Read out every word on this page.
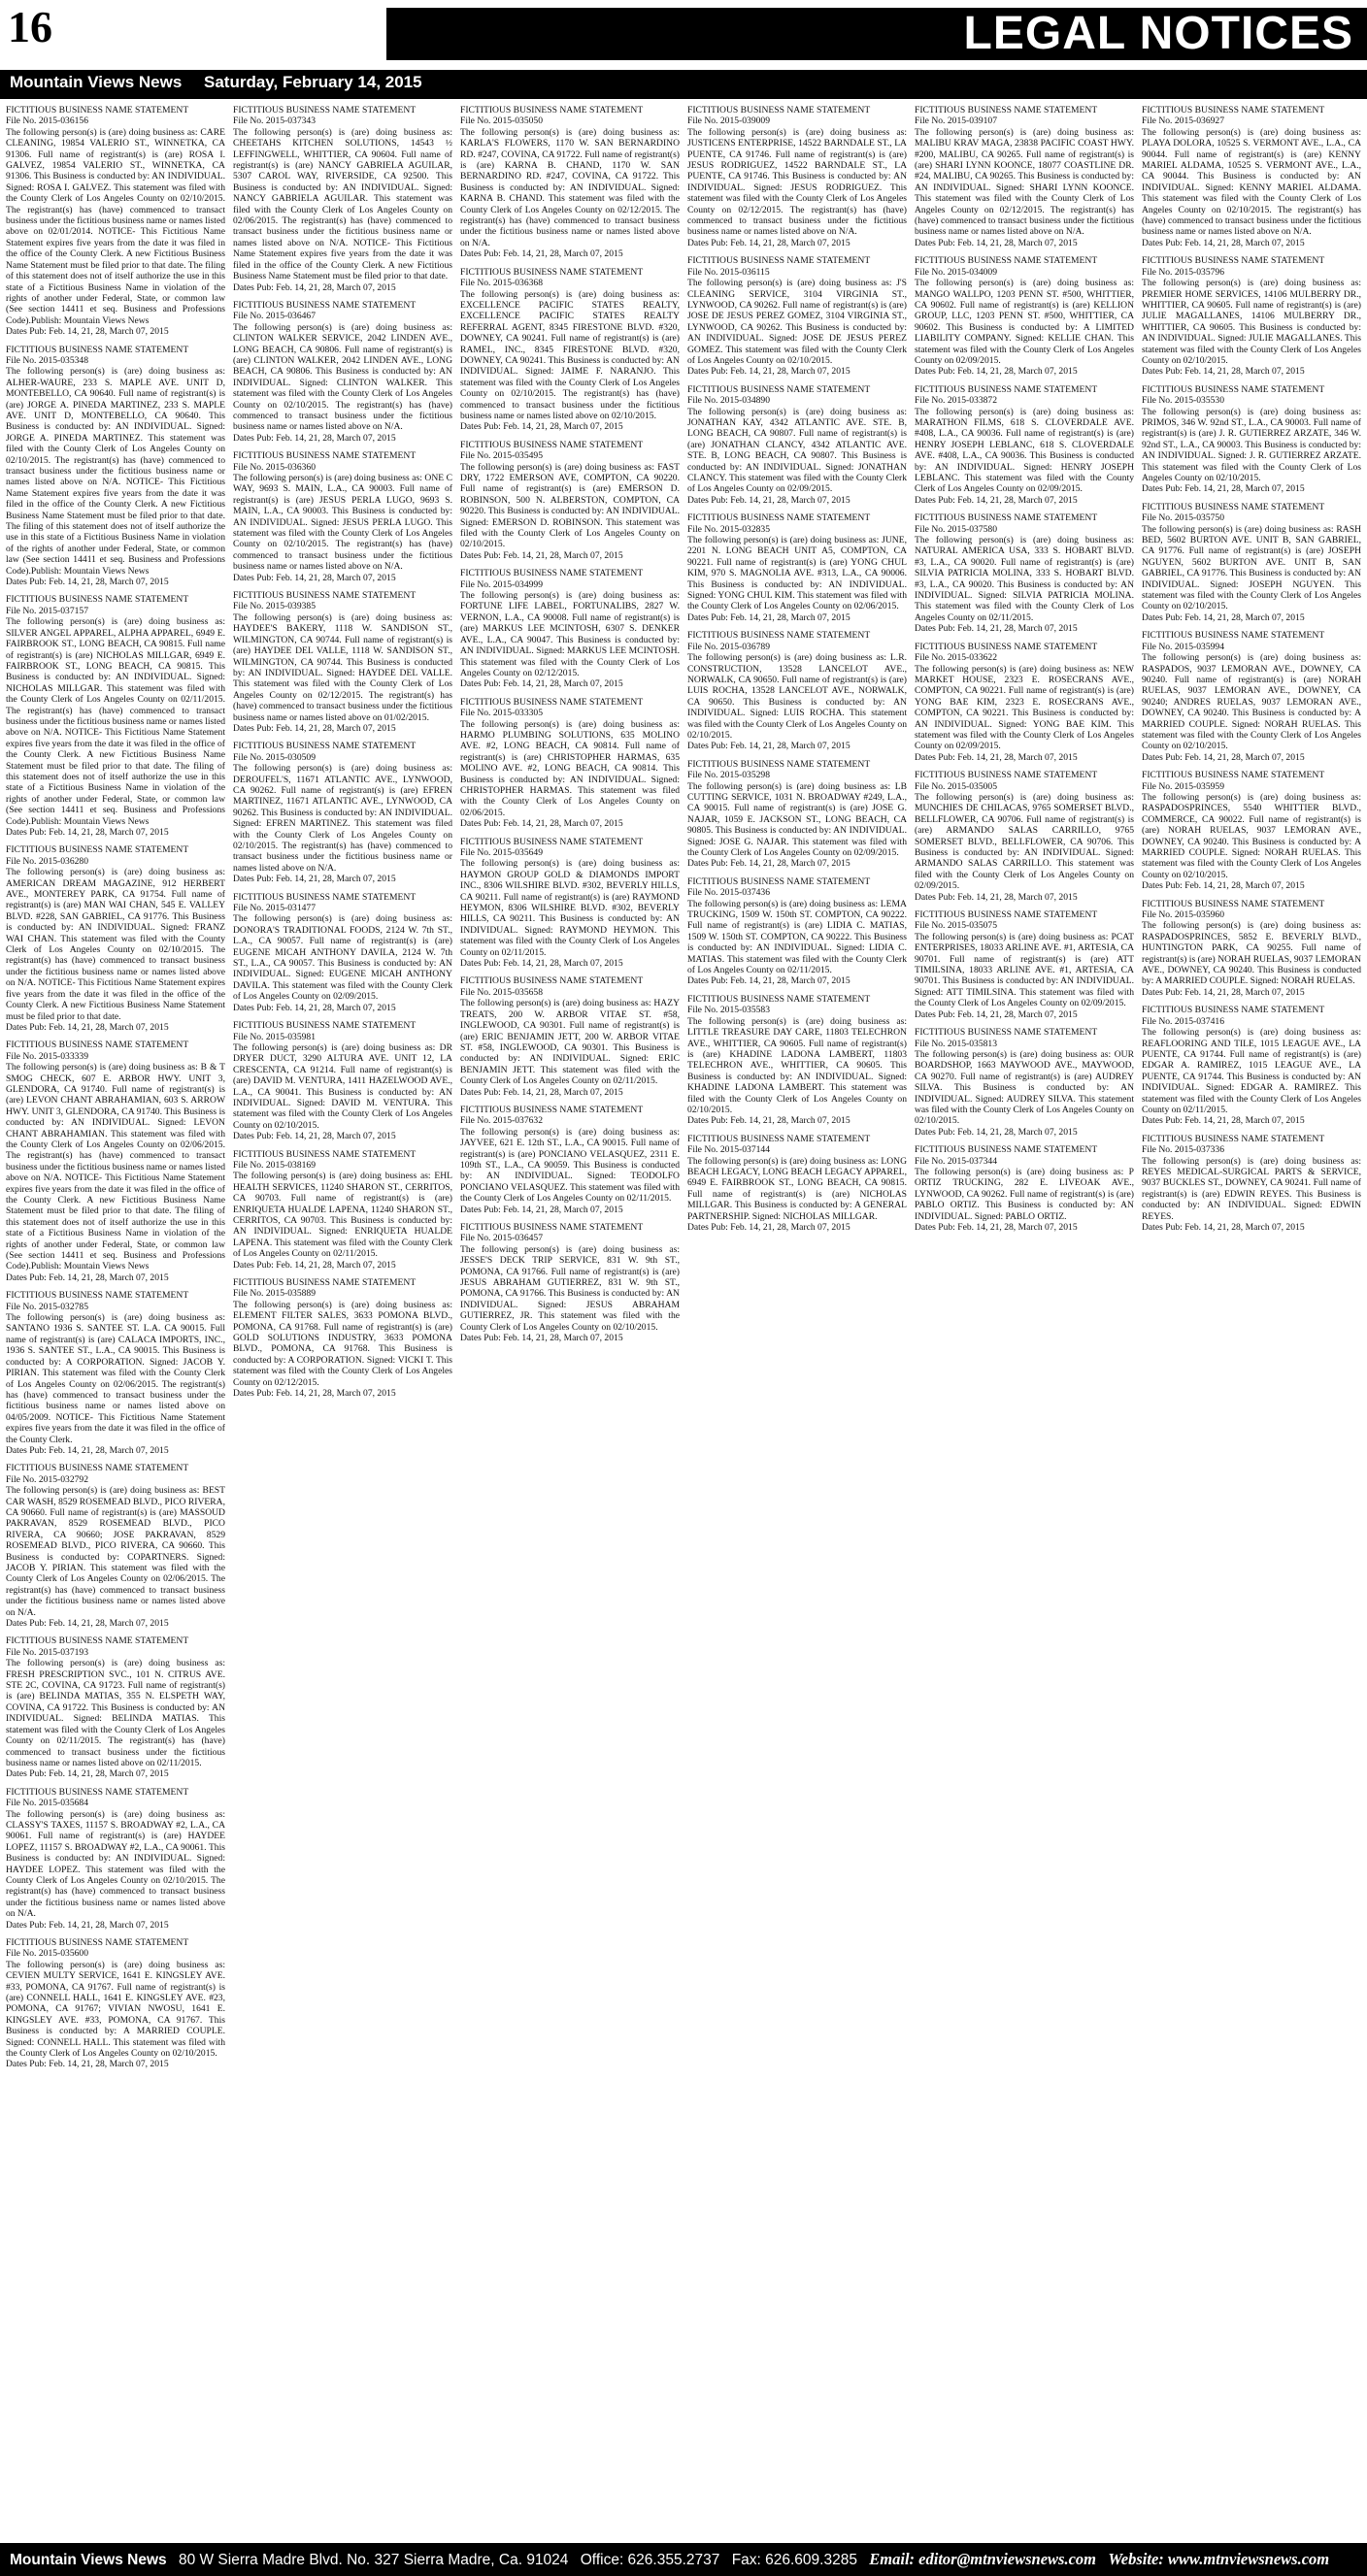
16	LEGAL NOTICES
Mountain Views News Saturday, February 14, 2015
FICTITIOUS BUSINESS NAME STATEMENT
File No. 2015-036156
The following person(s) is (are) doing business as: CARE CLEANING, 19854 VALERIO ST., WINNETKA, CA 91306. Full name of registrant(s) is (are) ROSA I. GALVEZ, 19854 VALERIO ST., WINNETKA, CA 91306. This Business is conducted by: AN INDIVIDUAL. Signed: ROSA I. GALVEZ. This statement was filed with the County Clerk of Los Angeles County on 02/10/2015. The registrant(s) has (have) commenced to transact business under the fictitious business name or names listed above on 02/01/2014. NOTICE- This Fictitious Name Statement expires five years from the date it was filed in the office of the County Clerk. A new Fictitious Business Name Statement must be filed prior to that date. The filing of this statement does not of itself authorize the use in this state of a Fictitious Business Name in violation of the rights of another under Federal, State, or common law (See section 14411 et seq. Business and Professions Code).Publish: Mountain Views News
Dates Pub: Feb. 14, 21, 28, March 07, 2015
FICTITIOUS BUSINESS NAME STATEMENT
File No. 2015-035348
The following person(s) is (are) doing business as: ALHER-WAURE, 233 S. MAPLE AVE. UNIT D, MONTEBELLO, CA 90640. Full name of registrant(s) is (are) JORGE A. PINEDA MARTINEZ, 233 S. MAPLE AVE. UNIT D, MONTEBELLO, CA 90640. This Business is conducted by: AN INDIVIDUAL. Signed: JORGE A. PINEDA MARTINEZ. This statement was filed with the County Clerk of Los Angeles County on 02/10/2015. The registrant(s) has (have) commenced to transact business under the fictitious business name or names listed above on N/A. NOTICE- This Fictitious Name Statement expires five years from the date it was filed in the office of the County Clerk. A new Fictitious Business Name Statement must be filed prior to that date. The filing of this statement does not of itself authorize the use in this state of a Fictitious Business Name in violation of the rights of another under Federal, State, or common law (See section 14411 et seq. Business and Professions Code).Publish: Mountain Views News
Dates Pub: Feb. 14, 21, 28, March 07, 2015
FICTITIOUS BUSINESS NAME STATEMENT
File No. 2015-037157
The following person(s) is (are) doing business as: SILVER ANGEL APPAREL, ALPHA APPAREL, 6949 E. FAIRBROOK ST., LONG BEACH, CA 90815. Full name of registrant(s) is (are) NICHOLAS MILLGAR, 6949 E. FAIRBROOK ST., LONG BEACH, CA 90815. This Business is conducted by: AN INDIVIDUAL. Signed: NICHOLAS MILLGAR. This statement was filed with the County Clerk of Los Angeles County on 02/11/2015. The registrant(s) has (have) commenced to transact business under the fictitious business name or names listed above on N/A. NOTICE- This Fictitious Name Statement expires five years from the date it was filed in the office of the County Clerk. A new Fictitious Business Name Statement must be filed prior to that date. The filing of this statement does not of itself authorize the use in this state of a Fictitious Business Name in violation of the rights of another under Federal, State, or common law (See section 14411 et seq. Business and Professions Code).Publish: Mountain Views News
Dates Pub: Feb. 14, 21, 28, March 07, 2015
FICTITIOUS BUSINESS NAME STATEMENT
File No. 2015-036280
The following person(s) is (are) doing business as: AMERICAN DREAM MAGAZINE, 912 HERBERT AVE., MONTEREY PARK, CA 91754. Full name of registrant(s) is (are) MAN WAI CHAN, 545 E. VALLEY BLVD. #228, SAN GABRIEL, CA 91776. This Business is conducted by: AN INDIVIDUAL. Signed: FRANZ WAI CHAN. This statement was filed with the County Clerk of Los Angeles County on 02/10/2015. The registrant(s) has (have) commenced to transact business under the fictitious business name or names listed above on N/A. NOTICE- This Fictitious Name Statement expires five years from the date it was filed in the office of the County Clerk. A new Fictitious Business Name Statement must be filed prior to that date.
Dates Pub: Feb. 14, 21, 28, March 07, 2015
FICTITIOUS BUSINESS NAME STATEMENT
File No. 2015-033339
The following person(s) is (are) doing business as: B & T SMOG CHECK, 607 E. ARBOR HWY. UNIT 3, GLENDORA, CA 91740. Full name of registrant(s) is (are) LEVON CHANT ABRAHAMIAN, 603 S. ARROW HWY. UNIT 3, GLENDORA, CA 91740. This Business is conducted by: AN INDIVIDUAL. Signed: LEVON CHANT ABRAHAMIAN. This statement was filed with the County Clerk of Los Angeles County on 02/06/2015. The registrant(s) has (have) commenced to transact business under the fictitious business name or names listed above on N/A. NOTICE- This Fictitious Name Statement expires five years from the date it was filed in the office of the County Clerk. A new Fictitious Business Name Statement must be filed prior to that date. The filing of this statement does not of itself authorize the use in this state of a Fictitious Business Name in violation of the rights of another under Federal, State, or common law (See section 14411 et seq. Business and Professions Code).Publish: Mountain Views News
Dates Pub: Feb. 14, 21, 28, March 07, 2015
FICTITIOUS BUSINESS NAME STATEMENT
File No. 2015-032785
The following person(s) is (are) doing business as: SANTANO 1936 S. SANTEE ST. L.A. CA 90015. Full name of registrant(s) is (are) CALACA IMPORTS, INC., 1936 S. SANTEE ST., L.A., CA 90015. This Business is conducted by: A CORPORATION. Signed: JACOB Y. PIRIAN. This statement was filed with the County Clerk of Los Angeles County on 02/06/2015. The registrant(s) has (have) commenced to transact business under the fictitious business name or names listed above on 04/05/2009. NOTICE- This Fictitious Name Statement expires five years from the date it was filed in the office of the County Clerk.
Dates Pub: Feb. 14, 21, 28, March 07, 2015
FICTITIOUS BUSINESS NAME STATEMENT
File No. 2015-032792
The following person(s) is (are) doing business as: BEST CAR WASH, 8529 ROSEMEAD BLVD., PICO RIVERA, CA 90660. Full name of registrant(s) is (are) MASSOUD PAKRAVAN, 8529 ROSEMEAD BLVD., PICO RIVERA, CA 90660; JOSE PAKRAVAN, 8529 ROSEMEAD BLVD., PICO RIVERA, CA 90660. This Business is conducted by: COPARTNERS. Signed: JACOB Y. PIRIAN. This statement was filed with the County Clerk of Los Angeles County on 02/06/2015. The registrant(s) has (have) commenced to transact business under the fictitious business name or names listed above on N/A.
Dates Pub: Feb. 14, 21, 28, March 07, 2015
FICTITIOUS BUSINESS NAME STATEMENT
File No. 2015-037193
The following person(s) is (are) doing business as: FRESH PRESCRIPTION SVC., 101 N. CITRUS AVE. STE 2C, COVINA, CA 91723. Full name of registrant(s) is (are) BELINDA MATIAS, 355 N. ELSPETH WAY, COVINA, CA 91722. This Business is conducted by: AN INDIVIDUAL. Signed: BELINDA MATIAS. This statement was filed with the County Clerk of Los Angeles County on 02/11/2015. The registrant(s) has (have) commenced to transact business under the fictitious business name or names listed above on 02/11/2015.
Dates Pub: Feb. 14, 21, 28, March 07, 2015
FICTITIOUS BUSINESS NAME STATEMENT
File No. 2015-035684
The following person(s) is (are) doing business as: CLASSY'S TAXES, 11157 S. BROADWAY #2, L.A., CA 90061. Full name of registrant(s) is (are) HAYDEE LOPEZ, 11157 S. BROADWAY #2, L.A., CA 90061. This Business is conducted by: AN INDIVIDUAL. Signed: HAYDEE LOPEZ. This statement was filed with the County Clerk of Los Angeles County on 02/10/2015. The registrant(s) has (have) commenced to transact business under the fictitious business name or names listed above on N/A.
Dates Pub: Feb. 14, 21, 28, March 07, 2015
FICTITIOUS BUSINESS NAME STATEMENT
File No. 2015-035600
The following person(s) is (are) doing business as: CEVIEN MULTY SERVICE, 1641 E. KINGSLEY AVE. #33, POMONA, CA 91767. Full name of registrant(s) is (are) CONNELL HALL, 1641 E. KINGSLEY AVE. #23, POMONA, CA 91767; VIVIAN NWOSU, 1641 E. KINGSLEY AVE. #33, POMONA, CA 91767. This Business is conducted by: A MARRIED COUPLE. Signed: CONNELL HALL. This statement was filed with the County Clerk of Los Angeles County on 02/10/2015.
Dates Pub: Feb. 14, 21, 28, March 07, 2015
FICTITIOUS BUSINESS NAME STATEMENT
File No. 2015-037343
The following person(s) is (are) doing business as: CHEETAHS KITCHEN SOLUTIONS, 14543 ½ LEFFINGWELL, WHITTIER, CA 90604. Full name of registrant(s) is (are) NANCY GABRIELA AGUILAR, 5307 CAROL WAY, RIVERSIDE, CA 92500. This Business is conducted by: AN INDIVIDUAL. Signed: NANCY GABRIELA AGUILAR. This statement was filed with the County Clerk of Los Angeles County on 02/06/2015. The registrant(s) has (have) commenced to transact business under the fictitious business name or names listed above on N/A. NOTICE- This Fictitious Name Statement expires five years from the date it was filed in the office of the County Clerk. A new Fictitious Business Name Statement must be filed prior to that date.
Dates Pub: Feb. 14, 21, 28, March 07, 2015
FICTITIOUS BUSINESS NAME STATEMENT
File No. 2015-036467
The following person(s) is (are) doing business as: CLINTON WALKER SERVICE, 2042 LINDEN AVE., LONG BEACH, CA 90806. Full name of registrant(s) is (are) CLINTON WALKER, 2042 LINDEN AVE., LONG BEACH, CA 90806. This Business is conducted by: AN INDIVIDUAL. Signed: CLINTON WALKER. This statement was filed with the County Clerk of Los Angeles County on 02/10/2015. The registrant(s) has (have) commenced to transact business under the fictitious business name or names listed above on N/A.
Dates Pub: Feb. 14, 21, 28, March 07, 2015
FICTITIOUS BUSINESS NAME STATEMENT
File No. 2015-036360
The following person(s) is (are) doing business as: ONE C WAY, 9693 S. MAIN, L.A., CA 90003. Full name of registrant(s) is (are) JESUS PERLA LUGO, 9693 S. MAIN, L.A., CA 90003. This Business is conducted by: AN INDIVIDUAL. Signed: JESUS PERLA LUGO. This statement was filed with the County Clerk of Los Angeles County on 02/10/2015. The registrant(s) has (have) commenced to transact business under the fictitious business name or names listed above on N/A.
Dates Pub: Feb. 14, 21, 28, March 07, 2015
FICTITIOUS BUSINESS NAME STATEMENT
File No. 2015-039385
The following person(s) is (are) doing business as: HAYDEE'S BAKERY, 1118 W. SANDISON ST., WILMINGTON, CA 90744. Full name of registrant(s) is (are) HAYDEE DEL VALLE, 1118 W. SANDISON ST., WILMINGTON, CA 90744. This Business is conducted by: AN INDIVIDUAL. Signed: HAYDEE DEL VALLE. This statement was filed with the County Clerk of Los Angeles County on 02/12/2015. The registrant(s) has (have) commenced to transact business under the fictitious business name or names listed above on 01/02/2015.
Dates Pub: Feb. 14, 21, 28, March 07, 2015
FICTITIOUS BUSINESS NAME STATEMENT
File No. 2015-030509
The following person(s) is (are) doing business as: DEROUFEL'S, 11671 ATLANTIC AVE., LYNWOOD, CA 90262. Full name of registrant(s) is (are) EFREN MARTINEZ, 11671 ATLANTIC AVE., LYNWOOD, CA 90262. This Business is conducted by: AN INDIVIDUAL. Signed: EFREN MARTINEZ. This statement was filed with the County Clerk of Los Angeles County on 02/10/2015. The registrant(s) has (have) commenced to transact business under the fictitious business name or names listed above on N/A.
Dates Pub: Feb. 14, 21, 28, March 07, 2015
FICTITIOUS BUSINESS NAME STATEMENT
File No. 2015-031477
The following person(s) is (are) doing business as: DONORA'S TRADITIONAL FOODS, 2124 W. 7th ST., L.A., CA 90057. Full name of registrant(s) is (are) EUGENE MICAH ANTHONY DAVILA, 2124 W. 7th ST., L.A., CA 90057. This Business is conducted by: AN INDIVIDUAL. Signed: EUGENE MICAH ANTHONY DAVILA. This statement was filed with the County Clerk of Los Angeles County on 02/09/2015.
Dates Pub: Feb. 14, 21, 28, March 07, 2015
FICTITIOUS BUSINESS NAME STATEMENT
File No. 2015-035981
The following person(s) is (are) doing business as: DR DRYER DUCT, 3290 ALTURA AVE. UNIT 12, LA CRESCENTA, CA 91214. Full name of registrant(s) is (are) DAVID M. VENTURA, 1411 HAZELWOOD AVE., L.A., CA 90041. This Business is conducted by: AN INDIVIDUAL. Signed: DAVID M. VENTURA. This statement was filed with the County Clerk of Los Angeles County on 02/10/2015.
Dates Pub: Feb. 14, 21, 28, March 07, 2015
FICTITIOUS BUSINESS NAME STATEMENT
File No. 2015-038169
The following person(s) is (are) doing business as: EHL HEALTH SERVICES, 11240 SHARON ST., CERRITOS, CA 90703. Full name of registrant(s) is (are) ENRIQUETA HUALDE LAPENA, 11240 SHARON ST., CERRITOS, CA 90703. This Business is conducted by: AN INDIVIDUAL. Signed: ENRIQUETA HUALDE LAPENA. This statement was filed with the County Clerk of Los Angeles County on 02/11/2015.
Dates Pub: Feb. 14, 21, 28, March 07, 2015
FICTITIOUS BUSINESS NAME STATEMENT
File No. 2015-035889
The following person(s) is (are) doing business as: ELEMENT FILTER SALES, 3633 POMONA BLVD., POMONA, CA 91768. Full name of registrant(s) is (are) GOLD SOLUTIONS INDUSTRY, 3633 POMONA BLVD., POMONA, CA 91768. This Business is conducted by: A CORPORATION. Signed: VICKI T. This statement was filed with the County Clerk of Los Angeles County on 02/12/2015.
Dates Pub: Feb. 14, 21, 28, March 07, 2015
FICTITIOUS BUSINESS NAME STATEMENT
File No. 2015-035050
The following person(s) is (are) doing business as: KARLA'S FLOWERS, 1170 W. SAN BERNARDINO RD. #247, COVINA, CA 91722. Full name of registrant(s) is (are) KARNA B. CHAND, 1170 W. SAN BERNARDINO RD. #247, COVINA, CA 91722. This Business is conducted by: AN INDIVIDUAL. Signed: KARNA B. CHAND. This statement was filed with the County Clerk of Los Angeles County on 02/12/2015. The registrant(s) has (have) commenced to transact business under the fictitious business name or names listed above on N/A.
Dates Pub: Feb. 14, 21, 28, March 07, 2015
FICTITIOUS BUSINESS NAME STATEMENT
File No. 2015-036368
The following person(s) is (are) doing business as: EXCELLENCE PACIFIC STATES REALTY, EXCELLENCE PACIFIC STATES REALTY REFERRAL AGENT, 8345 FIRESTONE BLVD. #320, DOWNEY, CA 90241. Full name of registrant(s) is (are) RAMEL, INC., 8345 FIRESTONE BLVD. #320, DOWNEY, CA 90241. This Business is conducted by: AN INDIVIDUAL. Signed: JAIME F. NARANJO. This statement was filed with the County Clerk of Los Angeles County on 02/10/2015. The registrant(s) has (have) commenced to transact business under the fictitious business name or names listed above on 02/10/2015.
Dates Pub: Feb. 14, 21, 28, March 07, 2015
FICTITIOUS BUSINESS NAME STATEMENT
File No. 2015-035495
The following person(s) is (are) doing business as: FAST DRY, 1722 EMERSON AVE, COMPTON, CA 90220. Full name of registrant(s) is (are) EMERSON D. ROBINSON, 500 N. ALBERSTON, COMPTON, CA 90220. This Business is conducted by: AN INDIVIDUAL. Signed: EMERSON D. ROBINSON. This statement was filed with the County Clerk of Los Angeles County on 02/10/2015.
Dates Pub: Feb. 14, 21, 28, March 07, 2015
FICTITIOUS BUSINESS NAME STATEMENT
File No. 2015-034999
The following person(s) is (are) doing business as: FORTUNE LIFE LABEL, FORTUNALIBS, 2827 W. VERNON, L.A., CA 90008. Full name of registrant(s) is (are) MARKUS LEE MCINTOSH, 6307 S. DENKER AVE., L.A., CA 90047. This Business is conducted by: AN INDIVIDUAL. Signed: MARKUS LEE MCINTOSH. This statement was filed with the County Clerk of Los Angeles County on 02/12/2015.
Dates Pub: Feb. 14, 21, 28, March 07, 2015
FICTITIOUS BUSINESS NAME STATEMENT
File No. 2015-033305
The following person(s) is (are) doing business as: HARMO PLUMBING SOLUTIONS, 635 MOLINO AVE. #2, LONG BEACH, CA 90814. Full name of registrant(s) is (are) CHRISTOPHER HARMAS, 635 MOLINO AVE. #2, LONG BEACH, CA 90814. This Business is conducted by: AN INDIVIDUAL. Signed: CHRISTOPHER HARMAS. This statement was filed with the County Clerk of Los Angeles County on 02/06/2015.
Dates Pub: Feb. 14, 21, 28, March 07, 2015
FICTITIOUS BUSINESS NAME STATEMENT
File No. 2015-035649
The following person(s) is (are) doing business as: HAYMON GROUP GOLD & DIAMONDS IMPORT INC., 8306 WILSHIRE BLVD. #302, BEVERLY HILLS, CA 90211. Full name of registrant(s) is (are) RAYMOND HEYMON, 8306 WILSHIRE BLVD. #302, BEVERLY HILLS, CA 90211. This Business is conducted by: AN INDIVIDUAL. Signed: RAYMOND HEYMON. This statement was filed with the County Clerk of Los Angeles County on 02/11/2015.
Dates Pub: Feb. 14, 21, 28, March 07, 2015
FICTITIOUS BUSINESS NAME STATEMENT
File No. 2015-035658
The following person(s) is (are) doing business as: HAZY TREATS, 200 W. ARBOR VITAE ST. #58, INGLEWOOD, CA 90301. Full name of registrant(s) is (are) ERIC BENJAMIN JETT, 200 W. ARBOR VITAE ST. #58, INGLEWOOD, CA 90301. This Business is conducted by: AN INDIVIDUAL. Signed: ERIC BENJAMIN JETT. This statement was filed with the County Clerk of Los Angeles County on 02/11/2015.
Dates Pub: Feb. 14, 21, 28, March 07, 2015
FICTITIOUS BUSINESS NAME STATEMENT
File No. 2015-037632
The following person(s) is (are) doing business as: JAYVEE, 621 E. 12th ST., L.A., CA 90015. Full name of registrant(s) is (are) PONCIANO VELASQUEZ, 2311 E. 109th ST., L.A., CA 90059. This Business is conducted by: AN INDIVIDUAL. Signed: TEODOLFO PONCIANO VELASQUEZ. This statement was filed with the County Clerk of Los Angeles County on 02/11/2015.
Dates Pub: Feb. 14, 21, 28, March 07, 2015
FICTITIOUS BUSINESS NAME STATEMENT
File No. 2015-036457
The following person(s) is (are) doing business as: JESSE'S DECK TRIP SERVICE, 831 W. 9th ST., POMONA, CA 91766. Full name of registrant(s) is (are) JESUS ABRAHAM GUTIERREZ, 831 W. 9th ST., POMONA, CA 91766. This Business is conducted by: AN INDIVIDUAL. Signed: JESUS ABRAHAM GUTIERREZ, JR. This statement was filed with the County Clerk of Los Angeles County on 02/10/2015.
Dates Pub: Feb. 14, 21, 28, March 07, 2015
FICTITIOUS BUSINESS NAME STATEMENT
File No. 2015-039009
The following person(s) is (are) doing business as: JUSTICENS ENTERPRISE, 14522 BARNDALE ST., LA PUENTE, CA 91746. Full name of registrant(s) is (are) JESUS RODRIGUEZ, 14522 BARNDALE ST., LA PUENTE, CA 91746. This Business is conducted by: AN INDIVIDUAL. Signed: JESUS RODRIGUEZ. This statement was filed with the County Clerk of Los Angeles County on 02/12/2015. The registrant(s) has (have) commenced to transact business under the fictitious business name or names listed above on N/A.
Dates Pub: Feb. 14, 21, 28, March 07, 2015
FICTITIOUS BUSINESS NAME STATEMENT
File No. 2015-036115
The following person(s) is (are) doing business as: J'S CLEANING SERVICE, 3104 VIRGINIA ST., LYNWOOD, CA 90262. Full name of registrant(s) is (are) JOSE DE JESUS PEREZ GOMEZ, 3104 VIRGINIA ST., LYNWOOD, CA 90262. This Business is conducted by: AN INDIVIDUAL. Signed: JOSE DE JESUS PEREZ GOMEZ. This statement was filed with the County Clerk of Los Angeles County on 02/10/2015.
Dates Pub: Feb. 14, 21, 28, March 07, 2015
FICTITIOUS BUSINESS NAME STATEMENT
File No. 2015-034890
The following person(s) is (are) doing business as: JONATHAN KAY, 4342 ATLANTIC AVE. STE. B, LONG BEACH, CA 90807. Full name of registrant(s) is (are) JONATHAN CLANCY, 4342 ATLANTIC AVE. STE. B, LONG BEACH, CA 90807. This Business is conducted by: AN INDIVIDUAL. Signed: JONATHAN CLANCY. This statement was filed with the County Clerk of Los Angeles County on 02/09/2015.
Dates Pub: Feb. 14, 21, 28, March 07, 2015
FICTITIOUS BUSINESS NAME STATEMENT
File No. 2015-032835
The following person(s) is (are) doing business as: JUNE, 2201 N. LONG BEACH UNIT A5, COMPTON, CA 90221. Full name of registrant(s) is (are) YONG CHUL KIM, 970 S. MAGNOLIA AVE. #313, L.A., CA 90006. This Business is conducted by: AN INDIVIDUAL. Signed: YONG CHUL KIM. This statement was filed with the County Clerk of Los Angeles County on 02/06/2015.
Dates Pub: Feb. 14, 21, 28, March 07, 2015
FICTITIOUS BUSINESS NAME STATEMENT
File No. 2015-036789
The following person(s) is (are) doing business as: L.R. CONSTRUCTION, 13528 LANCELOT AVE., NORWALK, CA 90650. Full name of registrant(s) is (are) LUIS ROCHA, 13528 LANCELOT AVE., NORWALK, CA 90650. This Business is conducted by: AN INDIVIDUAL. Signed: LUIS ROCHA. This statement was filed with the County Clerk of Los Angeles County on 02/10/2015.
Dates Pub: Feb. 14, 21, 28, March 07, 2015
FICTITIOUS BUSINESS NAME STATEMENT
File No. 2015-035298
The following person(s) is (are) doing business as: LB CUTTING SERVICE, 1031 N. BROADWAY #249, L.A., CA 90015. Full name of registrant(s) is (are) JOSE G. NAJAR, 1059 E. JACKSON ST., LONG BEACH, CA 90805. This Business is conducted by: AN INDIVIDUAL. Signed: JOSE G. NAJAR. This statement was filed with the County Clerk of Los Angeles County on 02/09/2015.
Dates Pub: Feb. 14, 21, 28, March 07, 2015
FICTITIOUS BUSINESS NAME STATEMENT
File No. 2015-037436
The following person(s) is (are) doing business as: LEMA TRUCKING, 1509 W. 150th ST. COMPTON, CA 90222. Full name of registrant(s) is (are) LIDIA C. MATIAS, 1509 W. 150th ST. COMPTON, CA 90222. This Business is conducted by: AN INDIVIDUAL. Signed: LIDIA C. MATIAS. This statement was filed with the County Clerk of Los Angeles County on 02/11/2015.
Dates Pub: Feb. 14, 21, 28, March 07, 2015
FICTITIOUS BUSINESS NAME STATEMENT
File No. 2015-035583
The following person(s) is (are) doing business as: LITTLE TREASURE DAY CARE, 11803 TELECHRON AVE., WHITTIER, CA 90605. Full name of registrant(s) is (are) KHADINE LADONA LAMBERT, 11803 TELECHRON AVE., WHITTIER, CA 90605. This Business is conducted by: AN INDIVIDUAL. Signed: KHADINE LADONA LAMBERT. This statement was filed with the County Clerk of Los Angeles County on 02/10/2015.
Dates Pub: Feb. 14, 21, 28, March 07, 2015
FICTITIOUS BUSINESS NAME STATEMENT
File No. 2015-037144
The following person(s) is (are) doing business as: LONG BEACH LEGACY, LONG BEACH LEGACY APPAREL, 6949 E. FAIRBROOK ST., LONG BEACH, CA 90815. Full name of registrant(s) is (are) NICHOLAS MILLGAR. This Business is conducted by: A GENERAL PARTNERSHIP. Signed: NICHOLAS MILLGAR.
Dates Pub: Feb. 14, 21, 28, March 07, 2015
FICTITIOUS BUSINESS NAME STATEMENT
File No. 2015-039107
The following person(s) is (are) doing business as: MALIBU KRAV MAGA, 23838 PACIFIC COAST HWY. #200, MALIBU, CA 90265. Full name of registrant(s) is (are) SHARI LYNN KOONCE, 18077 COASTLINE DR. #24, MALIBU, CA 90265. This Business is conducted by: AN INDIVIDUAL. Signed: SHARI LYNN KOONCE. This statement was filed with the County Clerk of Los Angeles County on 02/12/2015. The registrant(s) has (have) commenced to transact business under the fictitious business name or names listed above on N/A.
Dates Pub: Feb. 14, 21, 28, March 07, 2015
FICTITIOUS BUSINESS NAME STATEMENT
File No. 2015-034009
The following person(s) is (are) doing business as: MANGO WALLPO, 1203 PENN ST. #500, WHITTIER, CA 90602. Full name of registrant(s) is (are) KELLION GROUP, LLC, 1203 PENN ST. #500, WHITTIER, CA 90602. This Business is conducted by: A LIMITED LIABILITY COMPANY. Signed: KELLIE CHAN. This statement was filed with the County Clerk of Los Angeles County on 02/09/2015.
Dates Pub: Feb. 14, 21, 28, March 07, 2015
FICTITIOUS BUSINESS NAME STATEMENT
File No. 2015-033872
The following person(s) is (are) doing business as: MARATHON FILMS, 618 S. CLOVERDALE AVE. #408, L.A., CA 90036. Full name of registrant(s) is (are) HENRY JOSEPH LEBLANC, 618 S. CLOVERDALE AVE. #408, L.A., CA 90036. This Business is conducted by: AN INDIVIDUAL. Signed: HENRY JOSEPH LEBLANC. This statement was filed with the County Clerk of Los Angeles County on 02/09/2015.
Dates Pub: Feb. 14, 21, 28, March 07, 2015
FICTITIOUS BUSINESS NAME STATEMENT
File No. 2015-037580
The following person(s) is (are) doing business as: NATURAL AMERICA USA, 333 S. HOBART BLVD. #3, L.A., CA 90020. Full name of registrant(s) is (are) SILVIA PATRICIA MOLINA, 333 S. HOBART BLVD. #3, L.A., CA 90020. This Business is conducted by: AN INDIVIDUAL. Signed: SILVIA PATRICIA MOLINA. This statement was filed with the County Clerk of Los Angeles County on 02/11/2015.
Dates Pub: Feb. 14, 21, 28, March 07, 2015
FICTITIOUS BUSINESS NAME STATEMENT
File No. 2015-033622
The following person(s) is (are) doing business as: NEW MARKET HOUSE, 2323 E. ROSECRANS AVE., COMPTON, CA 90221. Full name of registrant(s) is (are) YONG BAE KIM, 2323 E. ROSECRANS AVE., COMPTON, CA 90221. This Business is conducted by: AN INDIVIDUAL. Signed: YONG BAE KIM. This statement was filed with the County Clerk of Los Angeles County on 02/09/2015.
Dates Pub: Feb. 14, 21, 28, March 07, 2015
FICTITIOUS BUSINESS NAME STATEMENT
File No. 2015-035005
The following person(s) is (are) doing business as: MUNCHIES DE CHILACAS, 9765 SOMERSET BLVD., BELLFLOWER, CA 90706. Full name of registrant(s) is (are) ARMANDO SALAS CARRILLO, 9765 SOMERSET BLVD., BELLFLOWER, CA 90706. This Business is conducted by: AN INDIVIDUAL. Signed: ARMANDO SALAS CARRILLO. This statement was filed with the County Clerk of Los Angeles County on 02/09/2015.
Dates Pub: Feb. 14, 21, 28, March 07, 2015
FICTITIOUS BUSINESS NAME STATEMENT
File No. 2015-035075
The following person(s) is (are) doing business as: PCAT ENTERPRISES, 18033 ARLINE AVE. #1, ARTESIA, CA 90701. Full name of registrant(s) is (are) ATT TIMILSINA, 18033 ARLINE AVE. #1, ARTESIA, CA 90701. This Business is conducted by: AN INDIVIDUAL. Signed: ATT TIMILSINA. This statement was filed with the County Clerk of Los Angeles County on 02/09/2015.
Dates Pub: Feb. 14, 21, 28, March 07, 2015
FICTITIOUS BUSINESS NAME STATEMENT
File No. 2015-035813
The following person(s) is (are) doing business as: OUR BOARDSHOP, 1663 MAYWOOD AVE., MAYWOOD, CA 90270. Full name of registrant(s) is (are) AUDREY SILVA. This Business is conducted by: AN INDIVIDUAL. Signed: AUDREY SILVA. This statement was filed with the County Clerk of Los Angeles County on 02/10/2015.
Dates Pub: Feb. 14, 21, 28, March 07, 2015
FICTITIOUS BUSINESS NAME STATEMENT
File No. 2015-037344
The following person(s) is (are) doing business as: P ORTIZ TRUCKING, 282 E. LIVEOAK AVE., LYNWOOD, CA 90262. Full name of registrant(s) is (are) PABLO ORTIZ. This Business is conducted by: AN INDIVIDUAL. Signed: PABLO ORTIZ.
Dates Pub: Feb. 14, 21, 28, March 07, 2015
FICTITIOUS BUSINESS NAME STATEMENT
File No. 2015-036927
The following person(s) is (are) doing business as: PLAYA DOLORA, 10525 S. VERMONT AVE., L.A., CA 90044. Full name of registrant(s) is (are) KENNY MARIEL ALDAMA, 10525 S. VERMONT AVE., L.A., CA 90044. This Business is conducted by: AN INDIVIDUAL. Signed: KENNY MARIEL ALDAMA. This statement was filed with the County Clerk of Los Angeles County on 02/10/2015. The registrant(s) has (have) commenced to transact business under the fictitious business name or names listed above on N/A.
Dates Pub: Feb. 14, 21, 28, March 07, 2015
FICTITIOUS BUSINESS NAME STATEMENT
File No. 2015-035796
The following person(s) is (are) doing business as: PREMIER HOME SERVICES, 14106 MULBERRY DR., WHITTIER, CA 90605. Full name of registrant(s) is (are) JULIE MAGALLANES, 14106 MULBERRY DR., WHITTIER, CA 90605. This Business is conducted by: AN INDIVIDUAL. Signed: JULIE MAGALLANES. This statement was filed with the County Clerk of Los Angeles County on 02/10/2015.
Dates Pub: Feb. 14, 21, 28, March 07, 2015
FICTITIOUS BUSINESS NAME STATEMENT
File No. 2015-035530
The following person(s) is (are) doing business as: PRIMOS, 346 W. 92nd ST., L.A., CA 90003. Full name of registrant(s) is (are) J. R. GUTIERREZ ARZATE, 346 W. 92nd ST., L.A., CA 90003. This Business is conducted by: AN INDIVIDUAL. Signed: J. R. GUTIERREZ ARZATE. This statement was filed with the County Clerk of Los Angeles County on 02/10/2015.
Dates Pub: Feb. 14, 21, 28, March 07, 2015
FICTITIOUS BUSINESS NAME STATEMENT
File No. 2015-035750
The following person(s) is (are) doing business as: RASH BED, 5602 BURTON AVE. UNIT B, SAN GABRIEL, CA 91776. Full name of registrant(s) is (are) JOSEPH NGUYEN, 5602 BURTON AVE. UNIT B, SAN GABRIEL, CA 91776. This Business is conducted by: AN INDIVIDUAL. Signed: JOSEPH NGUYEN. This statement was filed with the County Clerk of Los Angeles County on 02/10/2015.
Dates Pub: Feb. 14, 21, 28, March 07, 2015
FICTITIOUS BUSINESS NAME STATEMENT
File No. 2015-035994
The following person(s) is (are) doing business as: RASPADOS, 9037 LEMORAN AVE., DOWNEY, CA 90240. Full name of registrant(s) is (are) NORAH RUELAS, 9037 LEMORAN AVE., DOWNEY, CA 90240; ANDRES RUELAS, 9037 LEMORAN AVE., DOWNEY, CA 90240. This Business is conducted by: A MARRIED COUPLE. Signed: NORAH RUELAS. This statement was filed with the County Clerk of Los Angeles County on 02/10/2015.
Dates Pub: Feb. 14, 21, 28, March 07, 2015
FICTITIOUS BUSINESS NAME STATEMENT
File No. 2015-035959
The following person(s) is (are) doing business as: RASPADOSPRINCES, 5540 WHITTIER BLVD., COMMERCE, CA 90022. Full name of registrant(s) is (are) NORAH RUELAS, 9037 LEMORAN AVE., DOWNEY, CA 90240. This Business is conducted by: A MARRIED COUPLE. Signed: NORAH RUELAS. This statement was filed with the County Clerk of Los Angeles County on 02/10/2015.
Dates Pub: Feb. 14, 21, 28, March 07, 2015
FICTITIOUS BUSINESS NAME STATEMENT
File No. 2015-035960
The following person(s) is (are) doing business as: RASPADOSPRINCES, 5852 E. BEVERLY BLVD., HUNTINGTON PARK, CA 90255. Full name of registrant(s) is (are) NORAH RUELAS, 9037 LEMORAN AVE., DOWNEY, CA 90240. This Business is conducted by: A MARRIED COUPLE. Signed: NORAH RUELAS.
Dates Pub: Feb. 14, 21, 28, March 07, 2015
FICTITIOUS BUSINESS NAME STATEMENT
File No. 2015-037416
The following person(s) is (are) doing business as: REAFLOORING AND TILE, 1015 LEAGUE AVE., LA PUENTE, CA 91744. Full name of registrant(s) is (are) EDGAR A. RAMIREZ, 1015 LEAGUE AVE., LA PUENTE, CA 91744. This Business is conducted by: AN INDIVIDUAL. Signed: EDGAR A. RAMIREZ. This statement was filed with the County Clerk of Los Angeles County on 02/11/2015.
Dates Pub: Feb. 14, 21, 28, March 07, 2015
FICTITIOUS BUSINESS NAME STATEMENT
File No. 2015-037336
The following person(s) is (are) doing business as: REYES MEDICAL-SURGICAL PARTS & SERVICE, 9037 BUCKLES ST., DOWNEY, CA 90241. Full name of registrant(s) is (are) EDWIN REYES. This Business is conducted by: AN INDIVIDUAL. Signed: EDWIN REYES.
Dates Pub: Feb. 14, 21, 28, March 07, 2015
Mountain Views News 80 W Sierra Madre Blvd. No. 327 Sierra Madre, Ca. 91024 Office: 626.355.2737 Fax: 626.609.3285 Email: editor@mtnviewsnews.com Website: www.mtnviewsnews.com
